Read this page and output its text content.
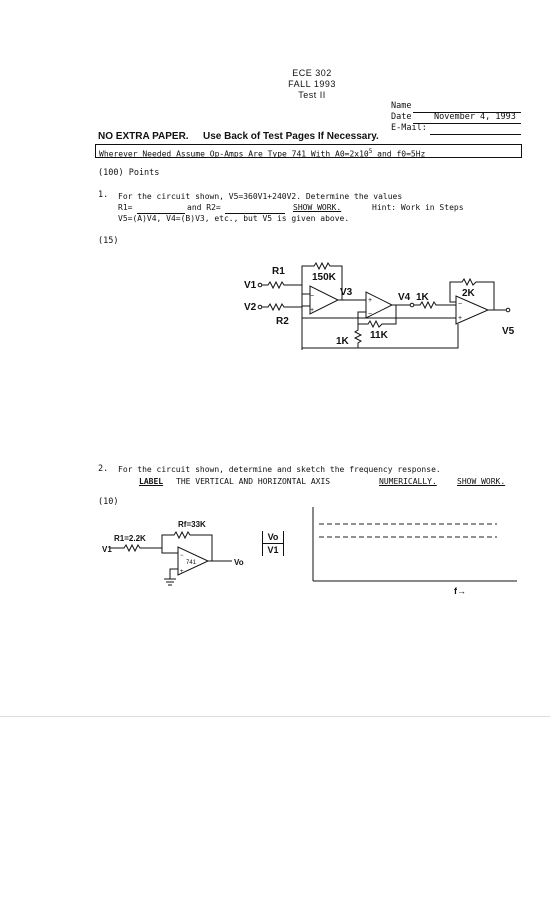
ECE 302
FALL 1993
Test II
Name
Date	November 4, 1993
E-Mail:
NO EXTRA PAPER. Use Back of Test Pages If Necessary.
Wherever Needed Assume Op-Amps Are Type 741 With $A0=2x10^5$ and f0=5Hz
(100) Points
1. For the circuit shown, V5=360V1+240V2. Determine the values
R1=	and R2=	SHOW WORK.	Hint: Work in Steps
V5=(A)V4, V4=(B)V3, etc., but V5 is given above.
(15)
−
+
+
−
−
+
R1
V1
V2
R2
150K
V3	V4 1K	2K
1K
11K	V5
2. For the circuit shown, determine and sketch the frequency response.
LABEL THE VERTICAL AND HORIZONTAL AXIS	NUMERICALLY.	SHOW WORK.
(10)
−
+
741
R1=2.2K
Rf=33K
V1
Vo
$\frac{Vo}{V1}$
f→
